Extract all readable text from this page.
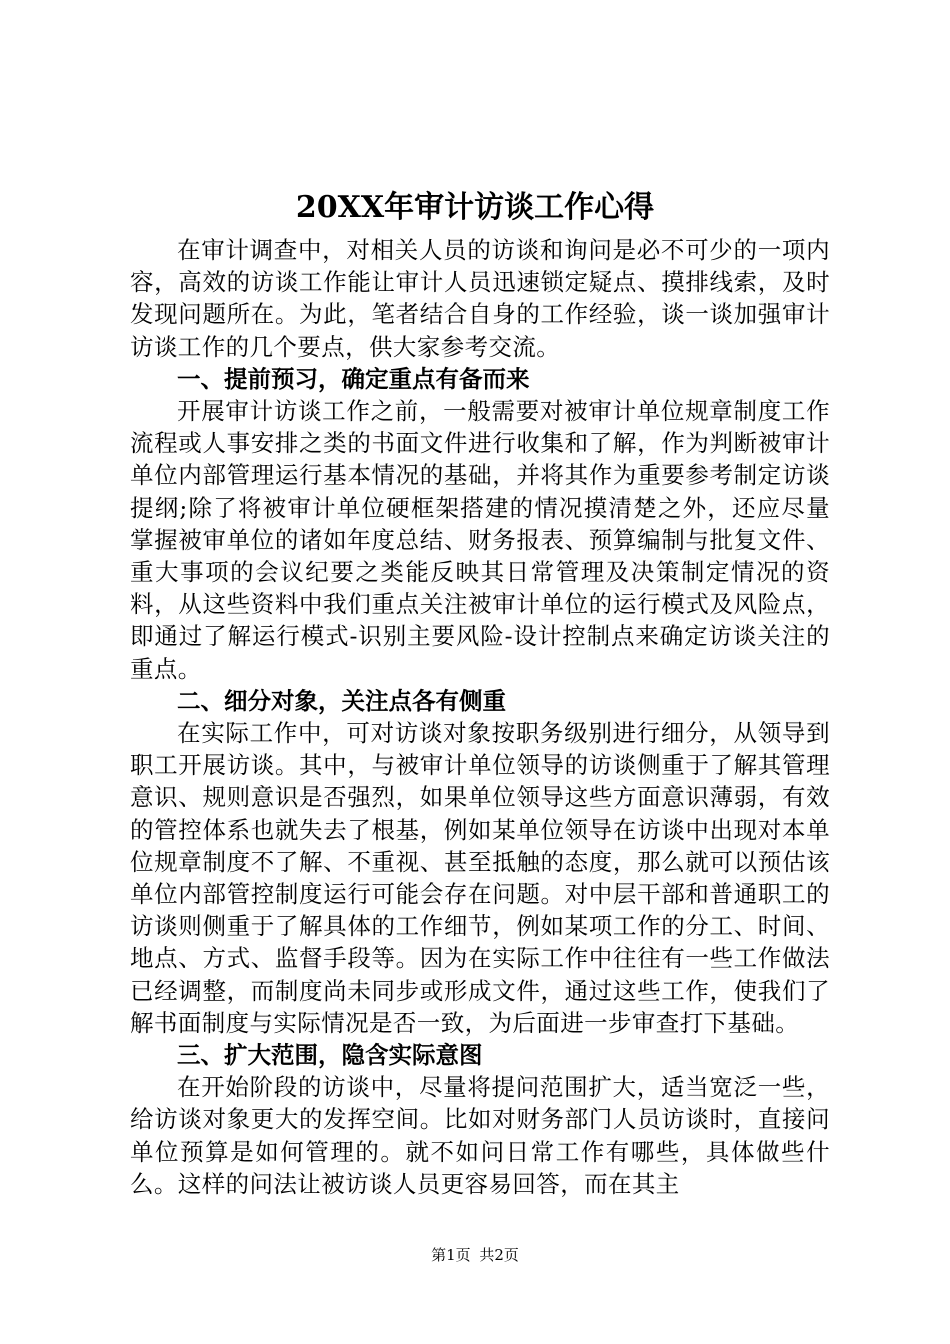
20XX年审计访谈工作心得

在审计调查中，对相关人员的访谈和询问是必不可少的一项内容，高效的访谈工作能让审计人员迅速锁定疑点、摸排线索，及时发现问题所在。为此，笔者结合自身的工作经验，谈一谈加强审计访谈工作的几个要点，供大家参考交流。

一、提前预习，确定重点有备而来

开展审计访谈工作之前，一般需要对被审计单位规章制度工作流程或人事安排之类的书面文件进行收集和了解，作为判断被审计单位内部管理运行基本情况的基础，并将其作为重要参考制定访谈提纲;除了将被审计单位硬框架搭建的情况摸清楚之外，还应尽量掌握被审单位的诸如年度总结、财务报表、预算编制与批复文件、重大事项的会议纪要之类能反映其日常管理及决策制定情况的资料，从这些资料中我们重点关注被审计单位的运行模式及风险点，即通过了解运行模式-识别主要风险-设计控制点来确定访谈关注的重点。

二、细分对象，关注点各有侧重

在实际工作中，可对访谈对象按职务级别进行细分，从领导到职工开展访谈。其中，与被审计单位领导的访谈侧重于了解其管理意识、规则意识是否强烈，如果单位领导这些方面意识薄弱，有效的管控体系也就失去了根基，例如某单位领导在访谈中出现对本单位规章制度不了解、不重视、甚至抵触的态度，那么就可以预估该单位内部管控制度运行可能会存在问题。对中层干部和普通职工的访谈则侧重于了解具体的工作细节，例如某项工作的分工、时间、地点、方式、监督手段等。因为在实际工作中往往有一些工作做法已经调整，而制度尚未同步或形成文件，通过这些工作，使我们了解书面制度与实际情况是否一致，为后面进一步审查打下基础。

三、扩大范围，隐含实际意图

在开始阶段的访谈中，尽量将提问范围扩大，适当宽泛一些，给访谈对象更大的发挥空间。比如对财务部门人员访谈时，直接问单位预算是如何管理的。就不如问日常工作有哪些，具体做些什么。这样的问法让被访谈人员更容易回答，而在其主

第1页 共2页
